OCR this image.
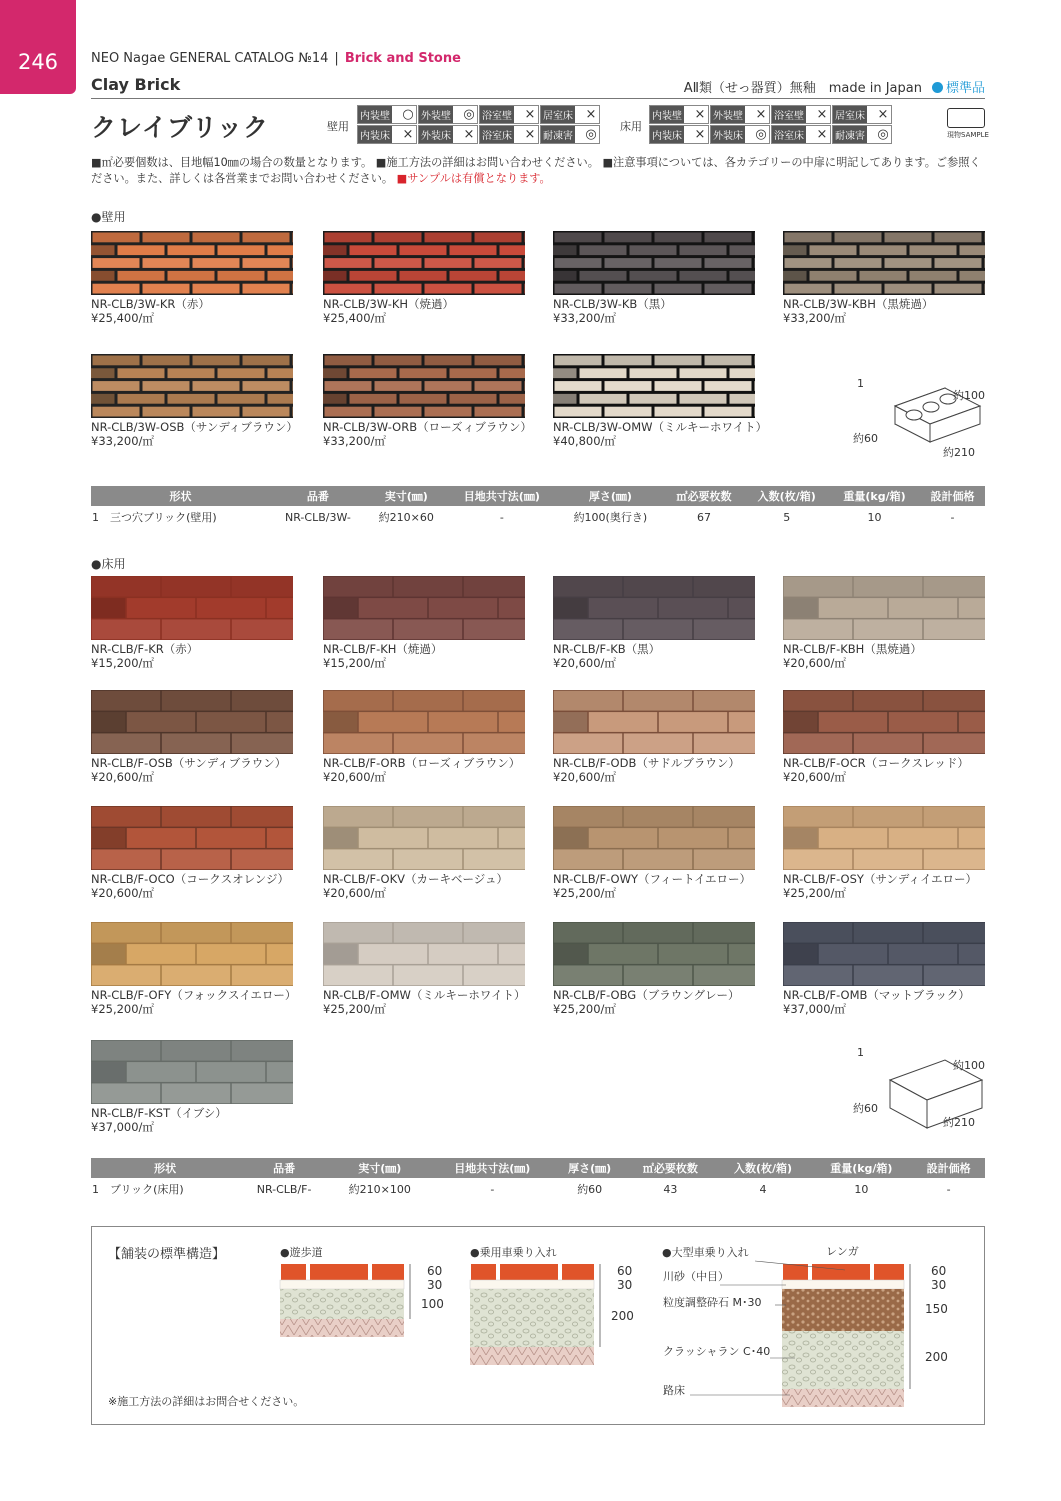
246	NEO Nagae GENERAL CATALOG №14 | Brick and Stone
Clay Brick	AⅡ類（せっ器質）無釉　made in Japan 標準品
クレイブリック	壁用
内装壁 ○ 外装壁 ◎ 浴室壁 × 居室床 ×
内装床 × 外装床 × 浴室床 × 耐凍害 ◎
床用
内装壁 × 外装壁 × 浴室壁 × 居室床 ×
内装床 × 外装床 ◎ 浴室床 × 耐凍害 ◎	現物SAMPLE
■㎡必要個数は、目地幅10㎜の場合の数量となります。 ■施工方法の詳細はお問い合わせください。 ■注意事項については、各カテゴリーの中扉に明記してあります。ご参照ください。また、詳しくは各営業までお問い合わせください。 ■サンプルは有償となります。
●壁用
NR-CLB/3W-KR（赤）
¥25,400/㎡
NR-CLB/3W-KH（焼過）
¥25,400/㎡
NR-CLB/3W-KB（黒）
¥33,200/㎡
NR-CLB/3W-KBH（黒焼過）
¥33,200/㎡
NR-CLB/3W-OSB（サンディブラウン）
¥33,200/㎡
NR-CLB/3W-ORB（ローズィブラウン）
¥33,200/㎡
NR-CLB/3W-OMW（ミルキーホワイト）
¥40,800/㎡
1
約100
約60
約210
形状	品番	実寸(㎜)	目地共寸法(㎜)	厚さ(㎜)	㎡必要枚数	入数(枚/箱)	重量(kg/箱)	設計価格
1　三つ穴ブリック(壁用)	NR-CLB/3W-	約210×60	-	約100(奥行き)	67	5	10	-
●床用
NR-CLB/F-KR（赤）
¥15,200/㎡
NR-CLB/F-KH（焼過）
¥15,200/㎡
NR-CLB/F-KB（黒）
¥20,600/㎡
NR-CLB/F-KBH（黒焼過）
¥20,600/㎡
NR-CLB/F-OSB（サンディブラウン）
¥20,600/㎡
NR-CLB/F-ORB（ローズィブラウン）
¥20,600/㎡
NR-CLB/F-ODB（サドルブラウン）
¥20,600/㎡
NR-CLB/F-OCR（コークスレッド）
¥20,600/㎡
NR-CLB/F-OCO（コークスオレンジ）
¥20,600/㎡
NR-CLB/F-OKV（カーキベージュ）
¥20,600/㎡
NR-CLB/F-OWY（フィートイエロー）
¥25,200/㎡
NR-CLB/F-OSY（サンディイエロー）
¥25,200/㎡
NR-CLB/F-OFY（フォックスイエロー）
¥25,200/㎡
NR-CLB/F-OMW（ミルキーホワイト）
¥25,200/㎡
NR-CLB/F-OBG（ブラウングレー）
¥25,200/㎡
NR-CLB/F-OMB（マットブラック）
¥37,000/㎡
NR-CLB/F-KST（イブシ）
¥37,000/㎡
1
約100
約60
約210
形状	品番	実寸(㎜)	目地共寸法(㎜)	厚さ(㎜)	㎡必要枚数	入数(枚/箱)	重量(kg/箱)	設計価格
1　ブリック(床用)	NR-CLB/F-	約210×100	-	約60	43	4	10	-
【舗装の標準構造】	●遊歩道	●乗用車乗り入れ	●大型車乗り入れ
60
30
100
60
30
200
60
30
150
200
レンガ
川砂（中目）
粒度調整砕石 M･30
クラッシャラン C･40
路床
※施工方法の詳細はお問合せください。
